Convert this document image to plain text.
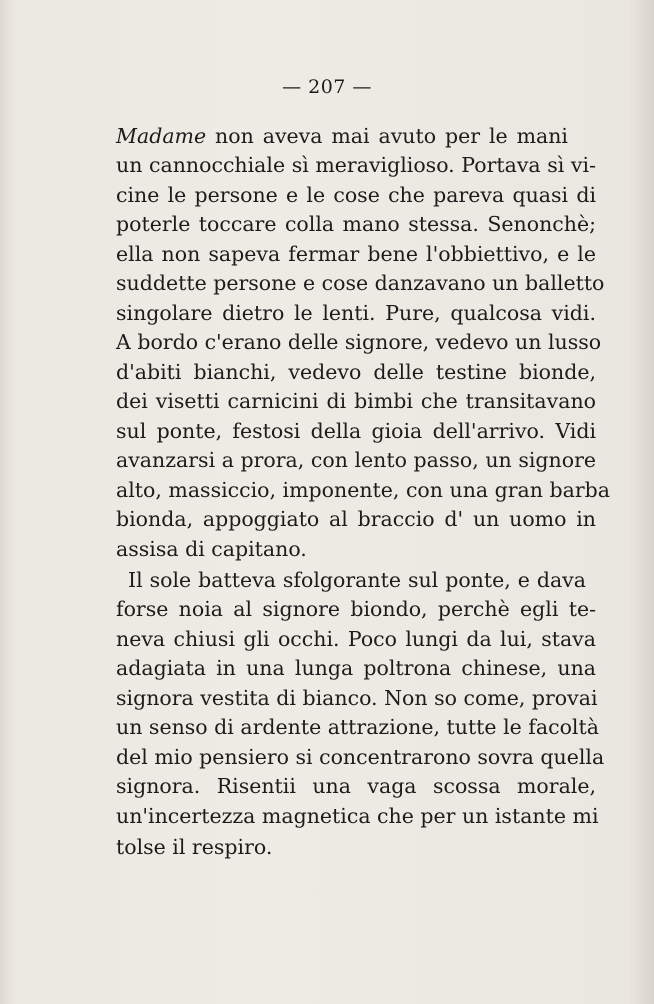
— 207 —
Madame non aveva mai avuto per le mani
un cannocchiale sì meraviglioso. Portava sì vi-
cine le persone e le cose che pareva quasi di
poterle toccare colla mano stessa. Senonchè;
ella non sapeva fermar bene l'obbiettivo, e le
suddette persone e cose danzavano un balletto
singolare dietro le lenti. Pure, qualcosa vidi.
A bordo c'erano delle signore, vedevo un lusso
d'abiti bianchi, vedevo delle testine bionde,
dei visetti carnicini di bimbi che transitavano
sul ponte, festosi della gioia dell'arrivo. Vidi
avanzarsi a prora, con lento passo, un signore
alto, massiccio, imponente, con una gran barba
bionda, appoggiato al braccio d' un uomo in
assisa di capitano.
Il sole batteva sfolgorante sul ponte, e dava
forse noia al signore biondo, perchè egli te-
neva chiusi gli occhi. Poco lungi da lui, stava
adagiata in una lunga poltrona chinese, una
signora vestita di bianco. Non so come, provai
un senso di ardente attrazione, tutte le facoltà
del mio pensiero si concentrarono sovra quella
signora. Risentii una vaga scossa morale,
un'incertezza magnetica che per un istante mi
tolse il respiro.
